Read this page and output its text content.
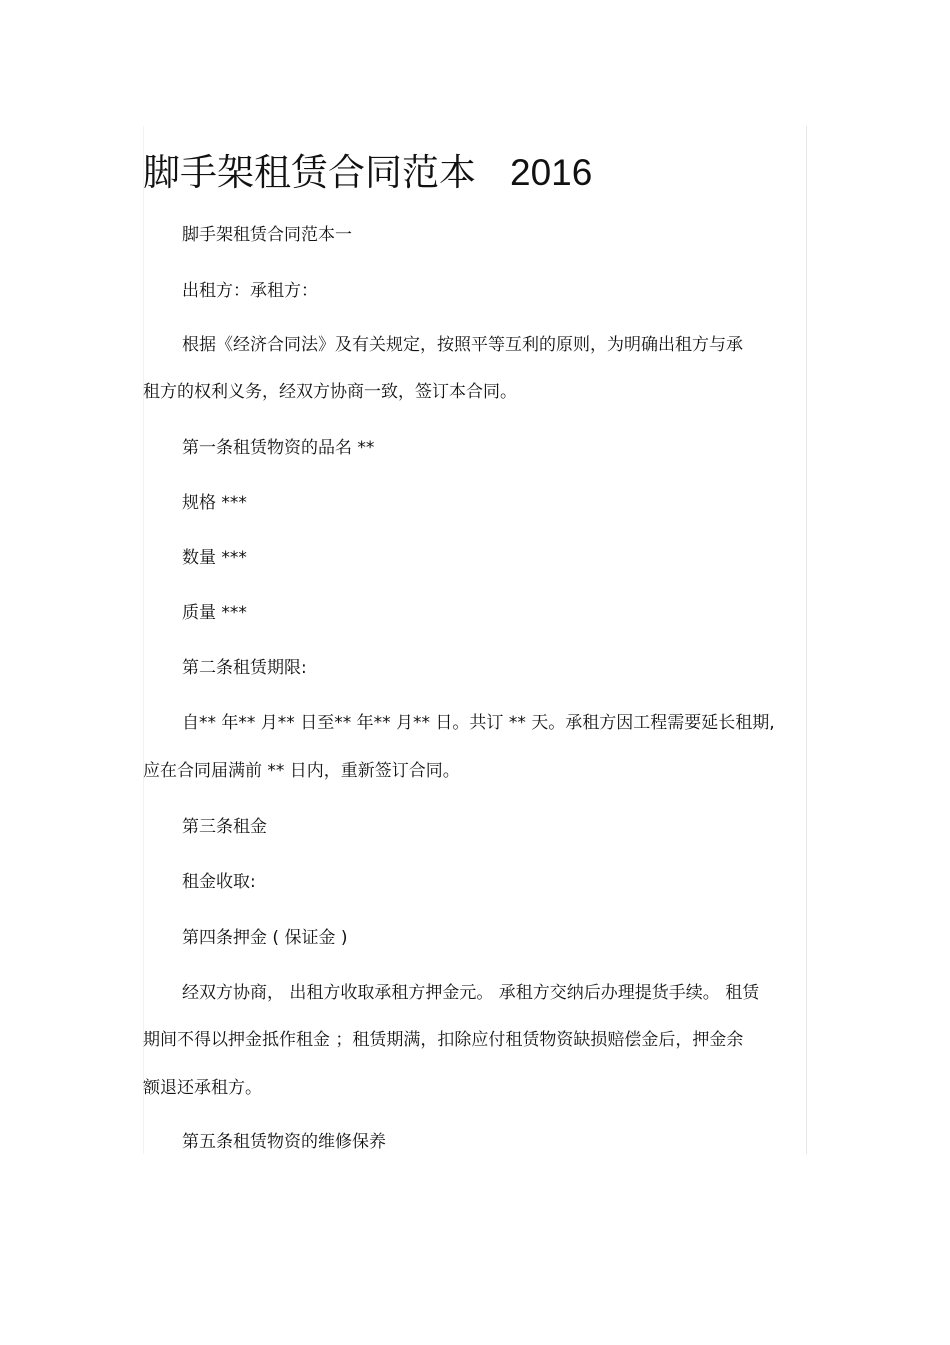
脚手架租赁合同范本 2016
脚手架租赁合同范本一
出租方：承租方：
根据《经济合同法》及有关规定，按照平等互利的原则，为明确出租方与承
租方的权利义务，经双方协商一致，签订本合同。
第一条租赁物资的品名 **
规格 ***
数量 ***
质量 ***
第二条租赁期限:
自** 年** 月** 日至** 年** 月** 日。共订 ** 天。承租方因工程需要延长租期,
应在合同届满前 ** 日内，重新签订合同。
第三条租金
租金收取:
第四条押金 ( 保证金 )
经双方协商， 出租方收取承租方押金元。 承租方交纳后办理提货手续。 租赁
期间不得以押金抵作租金 ；租赁期满，扣除应付租赁物资缺损赔偿金后，押金余
额退还承租方。
第五条租赁物资的维修保养
